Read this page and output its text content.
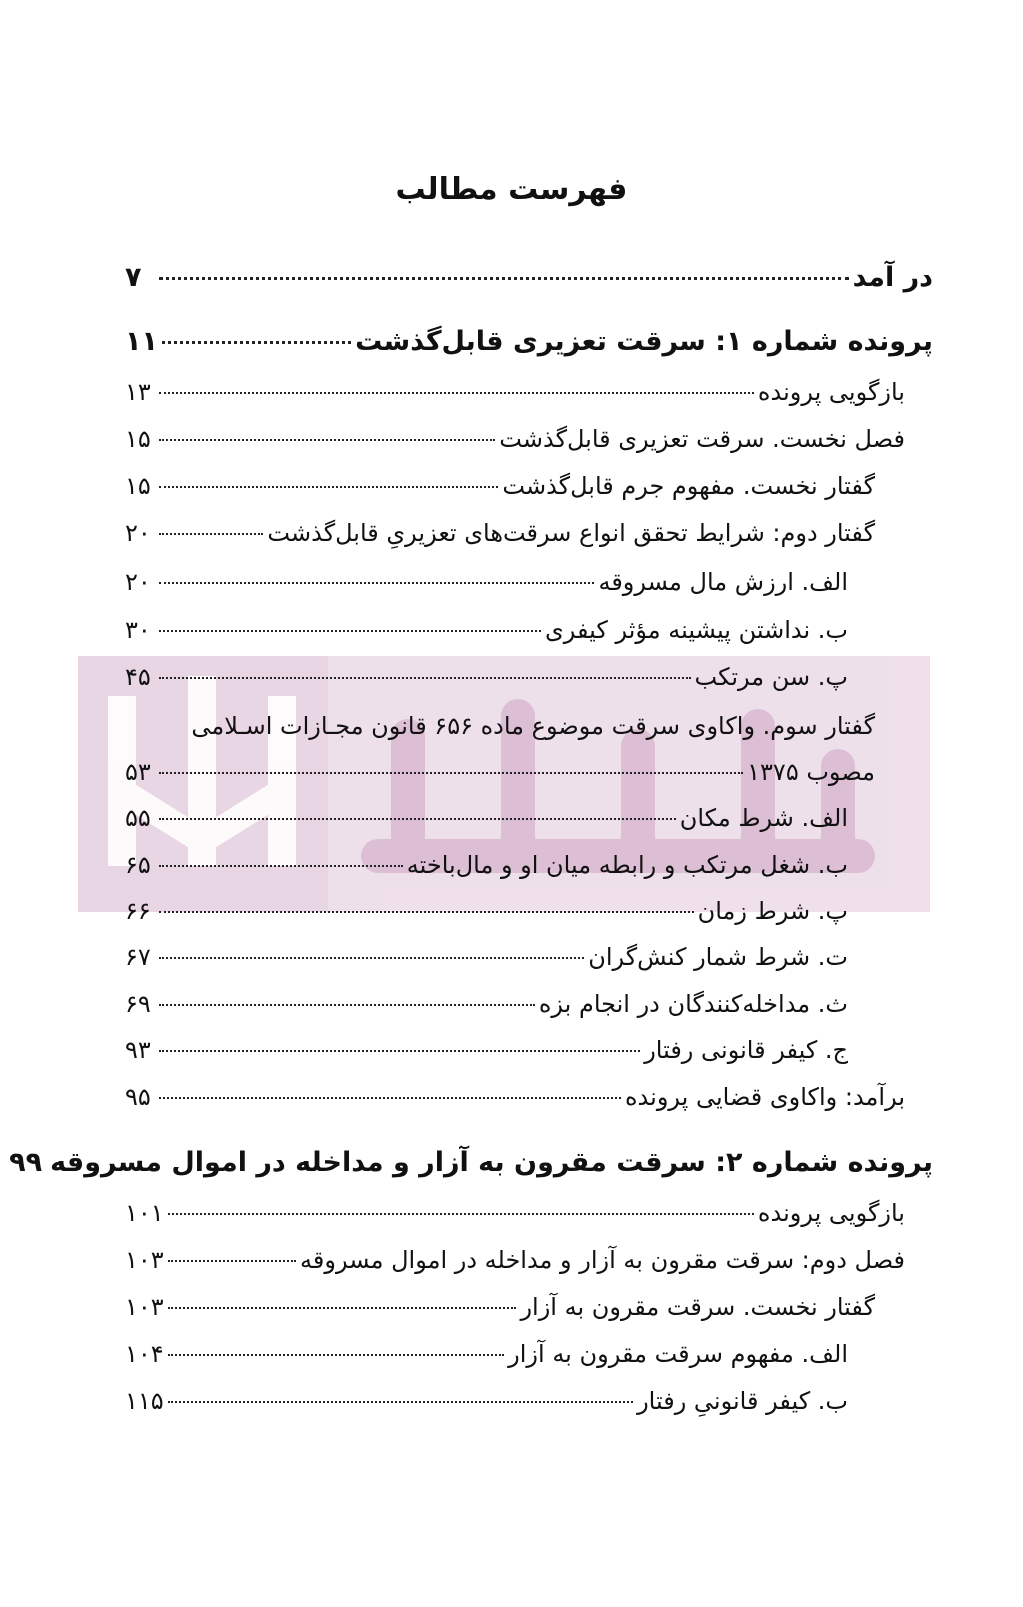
فهرست مطالب
در آمد
۷
پرونده شماره ۱: سرقت تعزیری قابل‌گذشت
۱۱
بازگویی پرونده
۱۳
فصل نخست. سرقت تعزیری قابل‌گذشت
۱۵
گفتار نخست. مفهوم جرم قابل‌گذشت
۱۵
گفتار دوم: شرایط تحقق انواع سرقت‌های تعزیریِ قابل‌گذشت
۲۰
الف. ارزش مال مسروقه
۲۰
ب. نداشتن پیشینه مؤثر کیفری
۳۰
پ. سن مرتکب
۴۵
گفتار سوم. واکاوی سرقت موضوع ماده ۶۵۶ قانون مجـازات اسـلامی
مصوب ۱۳۷۵
۵۳
الف. شرط مکان
۵۵
ب. شغل مرتکب و رابطه میان او و مال‌باخته
۶۵
پ. شرط زمان
۶۶
ت. شرط شمار کنش‌گران
۶۷
ث. مداخله‌کنندگان در انجام بزه
۶۹
ج. کیفر قانونی رفتار
۹۳
برآمد: واکاوی قضایی پرونده
۹۵
پرونده شماره ۲: سرقت مقرون به آزار و مداخله در اموال مسروقه
۹۹
بازگویی پرونده
۱۰۱
فصل دوم: سرقت مقرون به آزار و مداخله در اموال مسروقه
۱۰۳
گفتار نخست. سرقت مقرون به آزار
۱۰۳
الف. مفهوم سرقت مقرون به آزار
۱۰۴
ب. کیفر قانونیِ رفتار
۱۱۵
